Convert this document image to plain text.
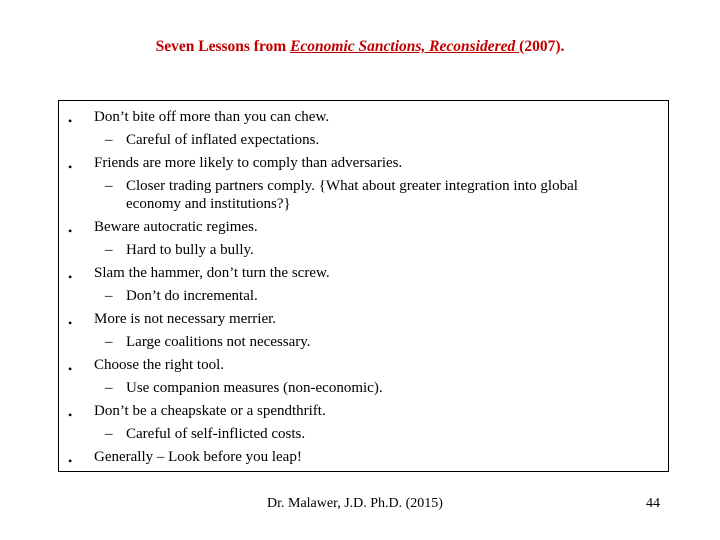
Seven Lessons from Economic Sanctions, Reconsidered (2007).
• Don’t bite off more than you can chew.
– Careful of inflated expectations.
• Friends are more likely to comply than adversaries.
– Closer trading partners comply. {What about greater integration into global
economy and institutions?}
• Beware autocratic regimes.
– Hard to bully a bully.
• Slam the hammer, don’t turn the screw.
– Don’t do incremental.
• More is not necessary merrier.
– Large coalitions not necessary.
• Choose the right tool.
– Use companion measures (non-economic).
• Don’t be a cheapskate or a spendthrift.
– Careful of self-inflicted costs.
• Generally – Look before you leap!
Dr. Malawer, J.D. Ph.D. (2015)	44
